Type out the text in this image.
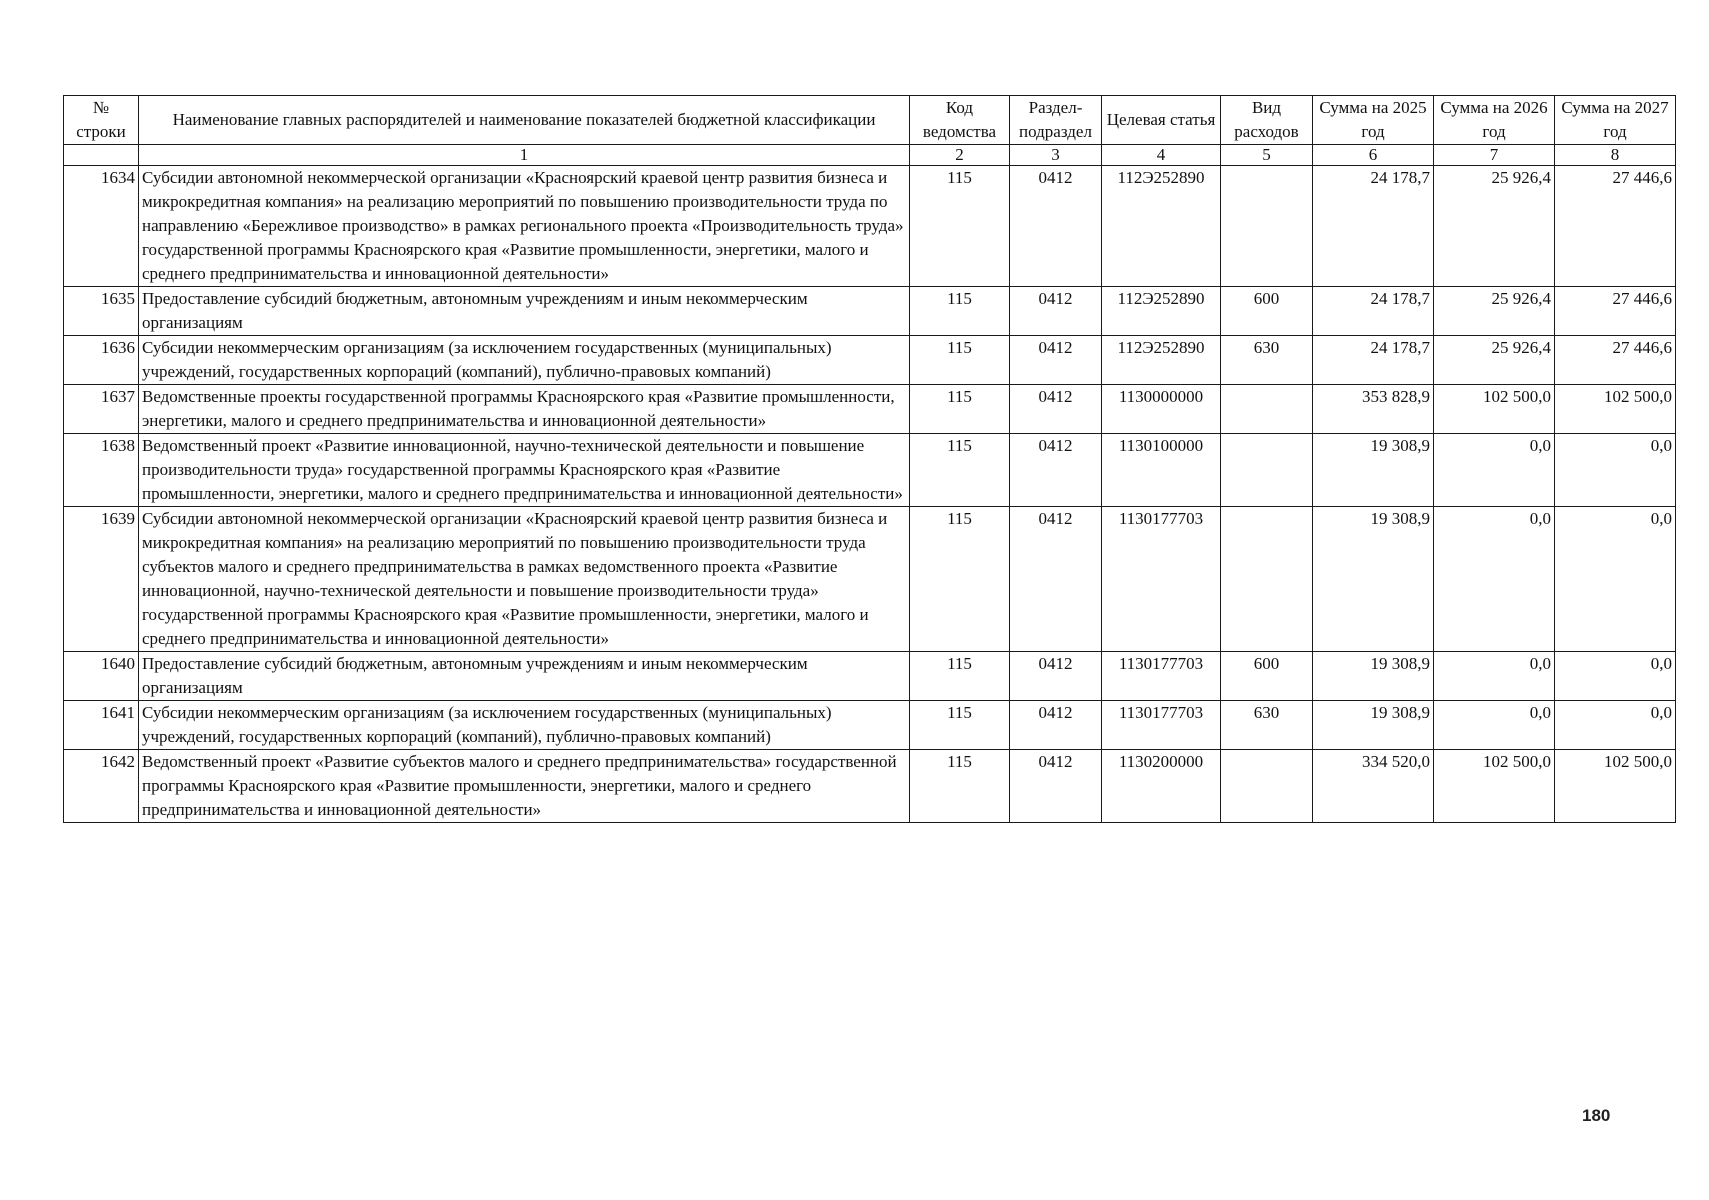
№ строки	Наименование главных распорядителей и наименование показателей бюджетной классификации	Код ведомства	Раздел-подраздел	Целевая статья	Вид расходов	Сумма на 2025 год	Сумма на 2026 год	Сумма на 2027 год
	1	2	3	4	5	6	7	8
1634	Субсидии автономной некоммерческой организации «Красноярский краевой центр развития бизнеса и микрокредитная компания» на реализацию мероприятий по повышению производительности труда по направлению «Бережливое производство» в рамках регионального проекта «Производительность труда» государственной программы Красноярского края «Развитие промышленности, энергетики, малого и среднего предпринимательства и инновационной деятельности»	115	0412	112Э252890		24 178,7	25 926,4	27 446,6
1635	Предоставление субсидий бюджетным, автономным учреждениям и иным некоммерческим организациям	115	0412	112Э252890	600	24 178,7	25 926,4	27 446,6
1636	Субсидии некоммерческим организациям (за исключением государственных (муниципальных) учреждений, государственных корпораций (компаний), публично-правовых компаний)	115	0412	112Э252890	630	24 178,7	25 926,4	27 446,6
1637	Ведомственные проекты государственной программы Красноярского края «Развитие промышленности, энергетики, малого и среднего предпринимательства и инновационной деятельности»	115	0412	1130000000		353 828,9	102 500,0	102 500,0
1638	Ведомственный проект «Развитие инновационной, научно-технической деятельности и повышение производительности труда» государственной программы Красноярского края «Развитие промышленности, энергетики, малого и среднего предпринимательства и инновационной деятельности»	115	0412	1130100000		19 308,9	0,0	0,0
1639	Субсидии автономной некоммерческой организации «Красноярский краевой центр развития бизнеса и микрокредитная компания» на реализацию мероприятий по повышению производительности труда субъектов малого и среднего предпринимательства в рамках ведомственного проекта «Развитие инновационной, научно-технической деятельности и повышение производительности труда» государственной программы Красноярского края «Развитие промышленности, энергетики, малого и среднего предпринимательства и инновационной деятельности»	115	0412	1130177703		19 308,9	0,0	0,0
1640	Предоставление субсидий бюджетным, автономным учреждениям и иным некоммерческим организациям	115	0412	1130177703	600	19 308,9	0,0	0,0
1641	Субсидии некоммерческим организациям (за исключением государственных (муниципальных) учреждений, государственных корпораций (компаний), публично-правовых компаний)	115	0412	1130177703	630	19 308,9	0,0	0,0
1642	Ведомственный проект «Развитие субъектов малого и среднего предпринимательства» государственной программы Красноярского края «Развитие промышленности, энергетики, малого и среднего предпринимательства и инновационной деятельности»	115	0412	1130200000		334 520,0	102 500,0	102 500,0
180
